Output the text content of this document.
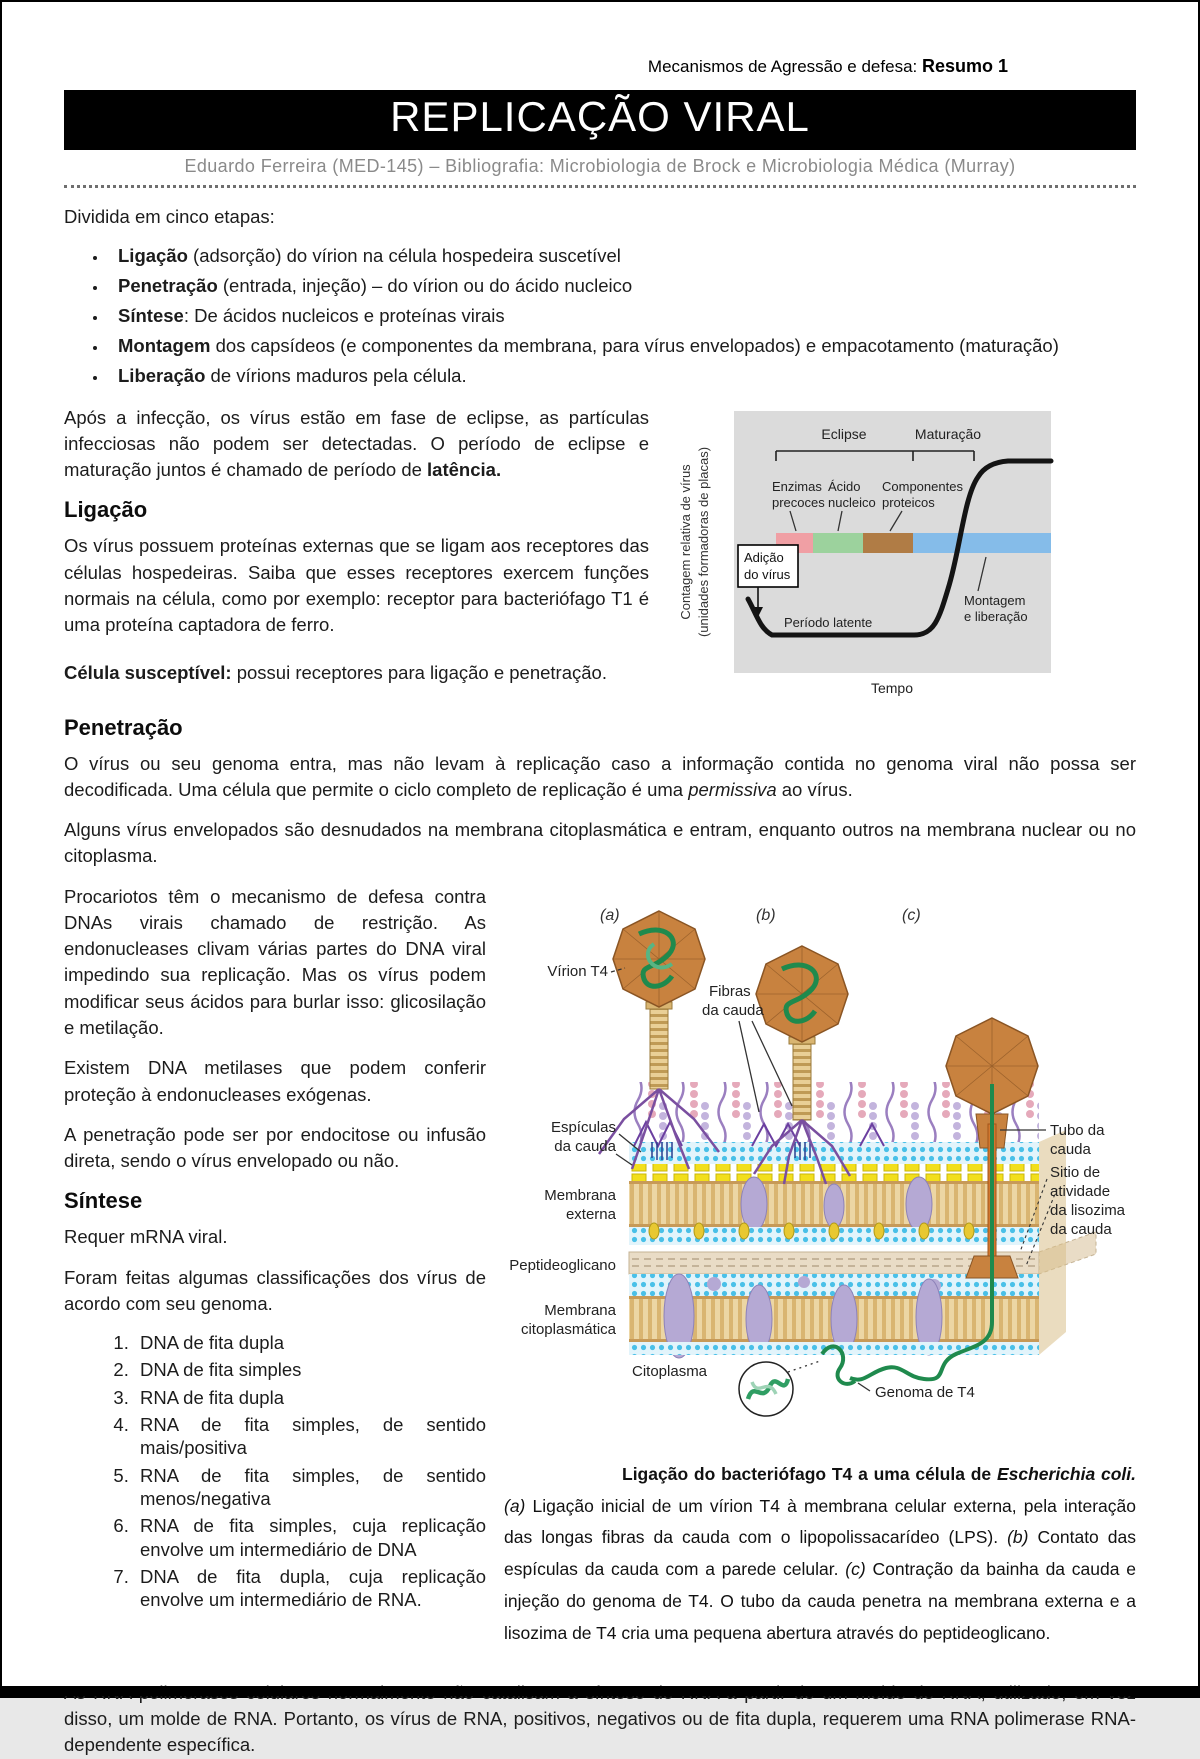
Mecanismos de Agressão e defesa: Resumo 1
REPLICAÇÃO VIRAL
Eduardo Ferreira (MED-145) – Bibliografia: Microbiologia de Brock e Microbiologia Médica (Murray)

Dividida em cinco etapas:

• Ligação (adsorção) do vírion na célula hospedeira suscetível
• Penetração (entrada, injeção) – do vírion ou do ácido nucleico
• Síntese: De ácidos nucleicos e proteínas virais
• Montagem dos capsídeos (e componentes da membrana, para vírus envelopados) e empacotamento (maturação)
• Liberação de vírions maduros pela célula.

Após a infecção, os vírus estão em fase de eclipse, as partículas infecciosas não podem ser detectadas. O período de eclipse e maturação juntos é chamado de período de latência.

Ligação

Os vírus possuem proteínas externas que se ligam aos receptores das células hospedeiras. Saiba que esses receptores exercem funções normais na célula, como por exemplo: receptor para bacteriófago T1 é uma proteína captadora de ferro.

Célula susceptível: possui receptores para ligação e penetração.

Contagem relativa de vírus (unidades formadoras de placas)
Eclipse	Maturação
Enzimas
precoces
Ácido
nucleico
Componentes
proteicos
Adição
do vírus
Período latente
Montagem
e liberação
Tempo
Penetração

O vírus ou seu genoma entra, mas não levam à replicação caso a informação contida no genoma viral não possa ser decodificada. Uma célula que permite o ciclo completo de replicação é uma permissiva ao vírus.

Alguns vírus envelopados são desnudados na membrana citoplasmática e entram, enquanto outros na membrana nuclear ou no citoplasma.

Procariotos têm o mecanismo de defesa contra DNAs virais chamado de restrição. As endonucleases clivam várias partes do DNA viral impedindo sua replicação. Mas os vírus podem modificar seus ácidos para burlar isso: glicosilação e metilação.

Existem DNA metilases que podem conferir proteção à endonucleases exógenas.

A penetração pode ser por endocitose ou infusão direta, sendo o vírus envelopado ou não.

Síntese

Requer mRNA viral.

Foram feitas algumas classificações dos vírus de acordo com seu genoma.

1. DNA de fita dupla
2. DNA de fita simples
3. RNA de fita dupla
4. RNA de fita simples, de sentido mais/positiva
5. RNA de fita simples, de sentido menos/negativa
6. RNA de fita simples, cuja replicação envolve um intermediário de DNA
7. DNA de fita dupla, cuja replicação envolve um intermediário de RNA.
(a)	(b)	(c)
Vírion T4
Fibras
da cauda
Espículas
da cauda
Membrana
externa
Peptideoglicano
Membrana
citoplasmática
Citoplasma
Tubo da
cauda
Sitio de
atividade
da lisozima
da cauda
Genoma de T4

Ligação do bacteriófago T4 a uma célula de Escherichia coli. (a) Ligação inicial de um vírion T4 à membrana celular externa, pela interação das longas fibras da cauda com o lipopolissacarídeo (LPS). (b) Contato das espículas da cauda com a parede celular. (c) Contração da bainha da cauda e injeção do genoma de T4. O tubo da cauda penetra na membrana externa e a lisozima de T4 cria uma pequena abertura através do peptideoglicano.

disso, um molde de RNA. Portanto, os vírus de RNA, positivos, negativos ou de fita dupla, requerem uma RNA polimerase RNA-dependente específica.
